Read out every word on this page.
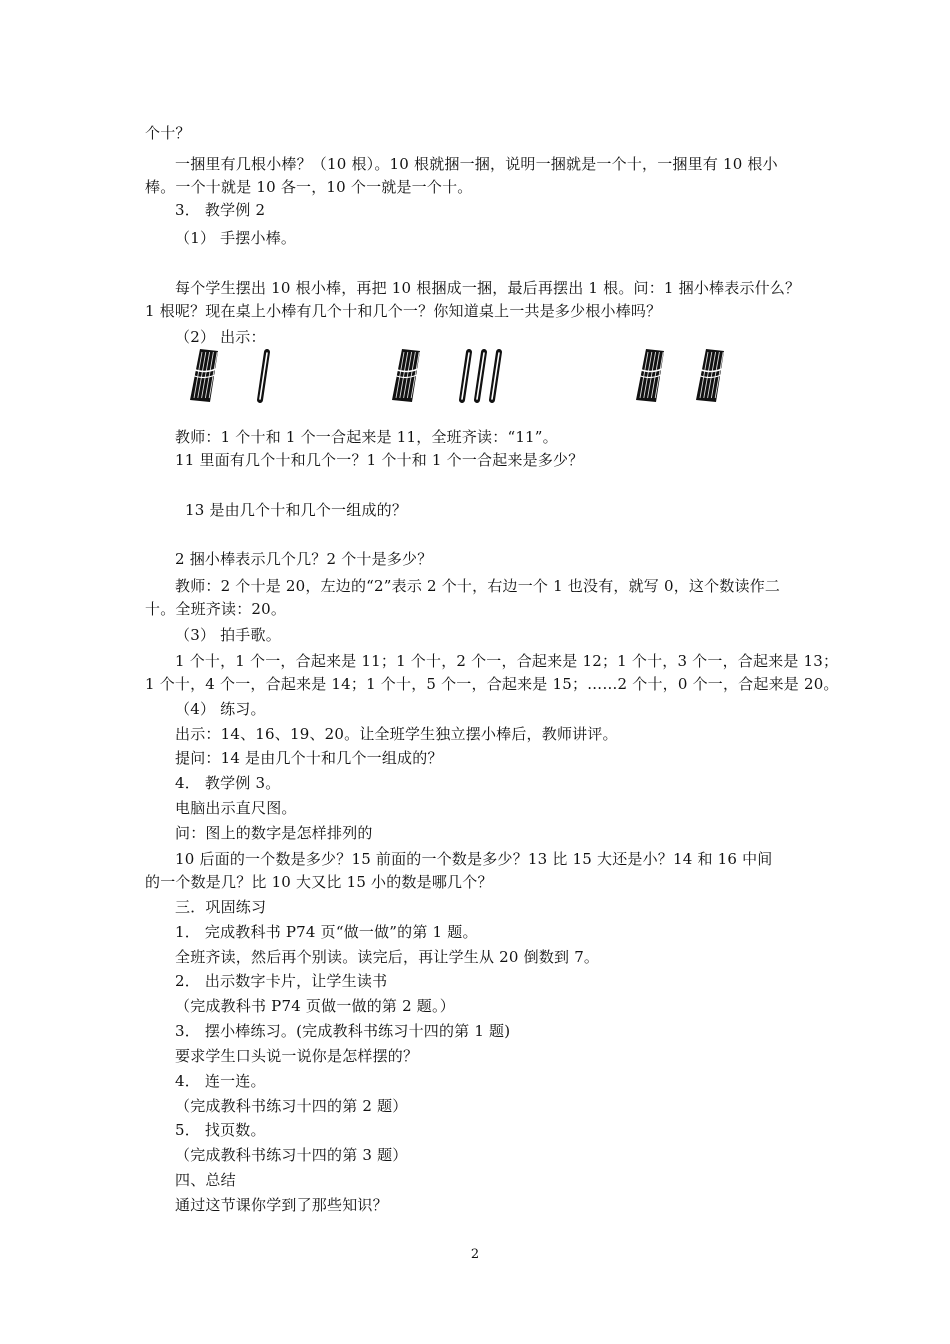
个十？
一捆里有几根小棒？（10 根）。10 根就捆一捆，说明一捆就是一个十，一捆里有 10 根小
棒。一个十就是 10 各一，10 个一就是一个十。
3． 教学例 2
（1） 手摆小棒。
每个学生摆出 10 根小棒，再把 10 根捆成一捆，最后再摆出 1 根。问：1 捆小棒表示什么？
1 根呢？现在桌上小棒有几个十和几个一？你知道桌上一共是多少根小棒吗？
（2） 出示：
教师：1 个十和 1 个一合起来是 11，全班齐读：“11”。
11 里面有几个十和几个一？1 个十和 1 个一合起来是多少？
13 是由几个十和几个一组成的？
2 捆小棒表示几个几？2 个十是多少？
教师：2 个十是 20，左边的“2”表示 2 个十，右边一个 1 也没有，就写 0，这个数读作二
十。全班齐读：20。
（3） 拍手歌。
1 个十，1 个一，合起来是 11；1 个十，2 个一，合起来是 12；1 个十，3 个一，合起来是 13；
1 个十，4 个一，合起来是 14；1 个十，5 个一，合起来是 15；……2 个十，0 个一，合起来是 20。
（4） 练习。
出示：14、16、19、20。让全班学生独立摆小棒后，教师讲评。
提问：14 是由几个十和几个一组成的？
4． 教学例 3。
电脑出示直尺图。
问：图上的数字是怎样排列的
10 后面的一个数是多少？15 前面的一个数是多少？13 比 15 大还是小？14 和 16 中间
的一个数是几？比 10 大又比 15 小的数是哪几个？
三．巩固练习
1． 完成教科书 P74 页“做一做”的第 1 题。
全班齐读，然后再个别读。读完后，再让学生从 20 倒数到 7。
2． 出示数字卡片，让学生读书
（完成教科书 P74 页做一做的第 2 题。）
3． 摆小棒练习。(完成教科书练习十四的第 1 题)
要求学生口头说一说你是怎样摆的？
4． 连一连。
（完成教科书练习十四的第 2 题）
5． 找页数。
（完成教科书练习十四的第 3 题）
四、总结
通过这节课你学到了那些知识？
2
